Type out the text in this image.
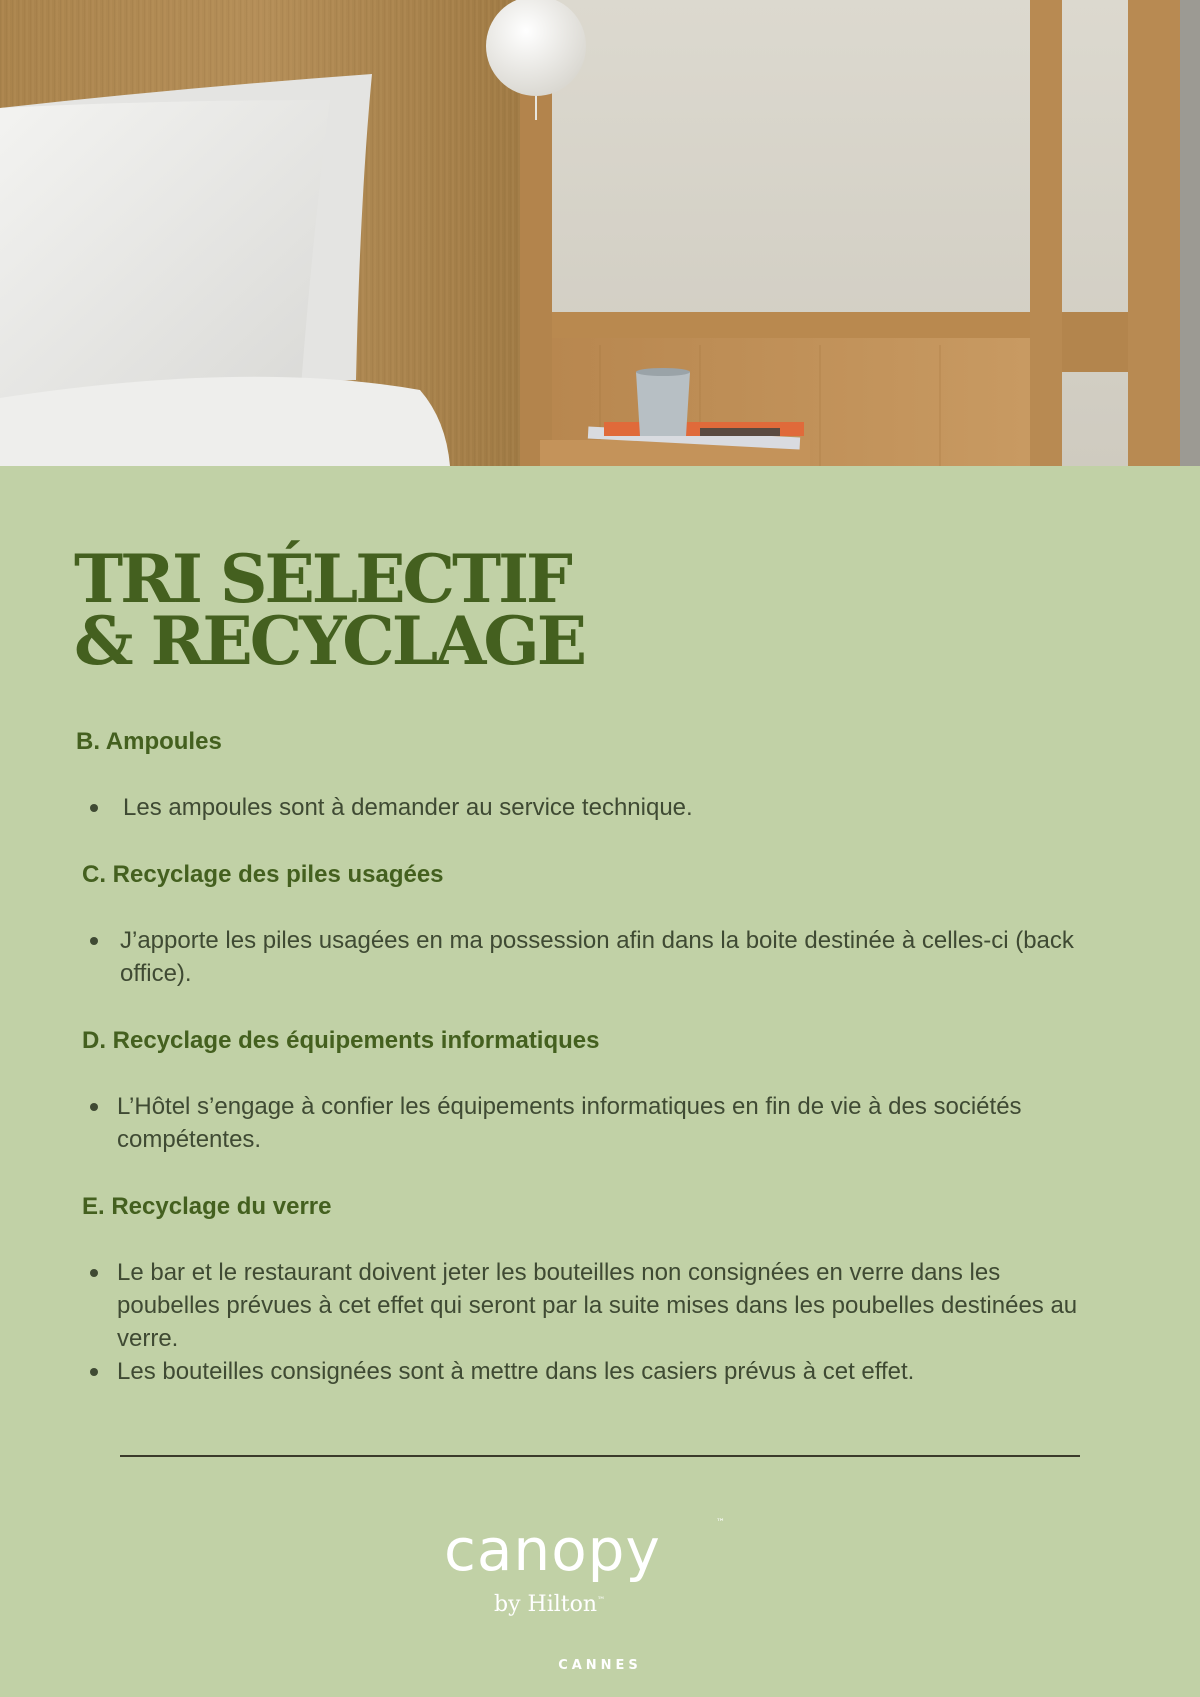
TRI SÉLECTIF
& RECYCLAGE
B. Ampoules
Les ampoules sont à demander au service technique.
C. Recyclage des piles usagées
J’apporte les piles usagées en ma possession afin dans la boite destinée à celles-ci (back office).
D. Recyclage des équipements informatiques
L’Hôtel s’engage à confier les équipements informatiques en fin de vie à des sociétés compétentes.
E. Recyclage du verre
Le bar et le restaurant doivent jeter les bouteilles non consignées en verre dans les poubelles prévues à cet effet qui seront par la suite mises dans les poubelles destinées au verre.
Les bouteilles consignées sont à mettre dans les casiers prévus à cet effet.
canopy	™
by Hilton™
CANNES
